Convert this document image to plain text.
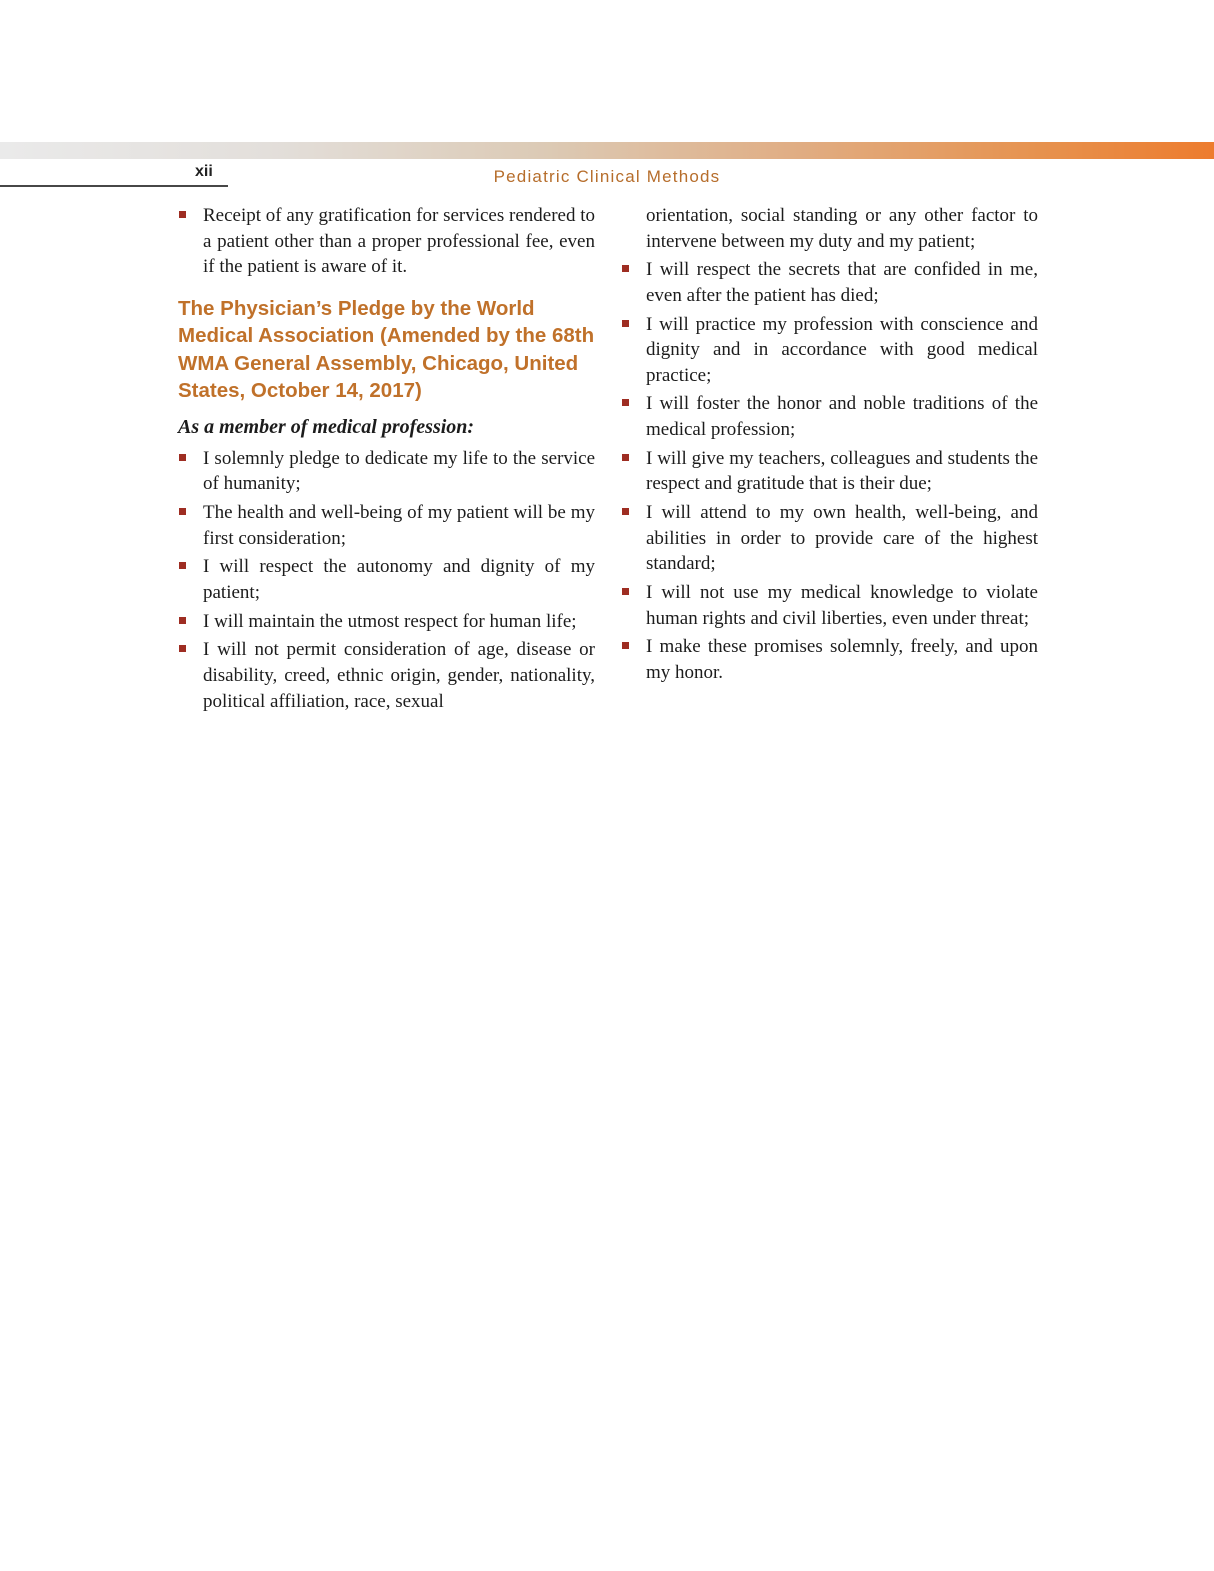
xii	Pediatric Clinical Methods
Receipt of any gratification for services rendered to a patient other than a proper professional fee, even if the patient is aware of it.
The Physician’s Pledge by the World Medical Association (Amended by the 68th WMA General Assembly, Chicago, United States, October 14, 2017)
As a member of medical profession:
I solemnly pledge to dedicate my life to the service of humanity;
The health and well-being of my patient will be my first consideration;
I will respect the autonomy and dignity of my patient;
I will maintain the utmost respect for human life;
I will not permit consideration of age, disease or disability, creed, ethnic origin, gender, nationality, political affiliation, race, sexual
orientation, social standing or any other factor to intervene between my duty and my patient;
I will respect the secrets that are confided in me, even after the patient has died;
I will practice my profession with conscience and dignity and in accordance with good medical practice;
I will foster the honor and noble traditions of the medical profession;
I will give my teachers, colleagues and students the respect and gratitude that is their due;
I will attend to my own health, well-being, and abilities in order to provide care of the highest standard;
I will not use my medical knowledge to violate human rights and civil liberties, even under threat;
I make these promises solemnly, freely, and upon my honor.
